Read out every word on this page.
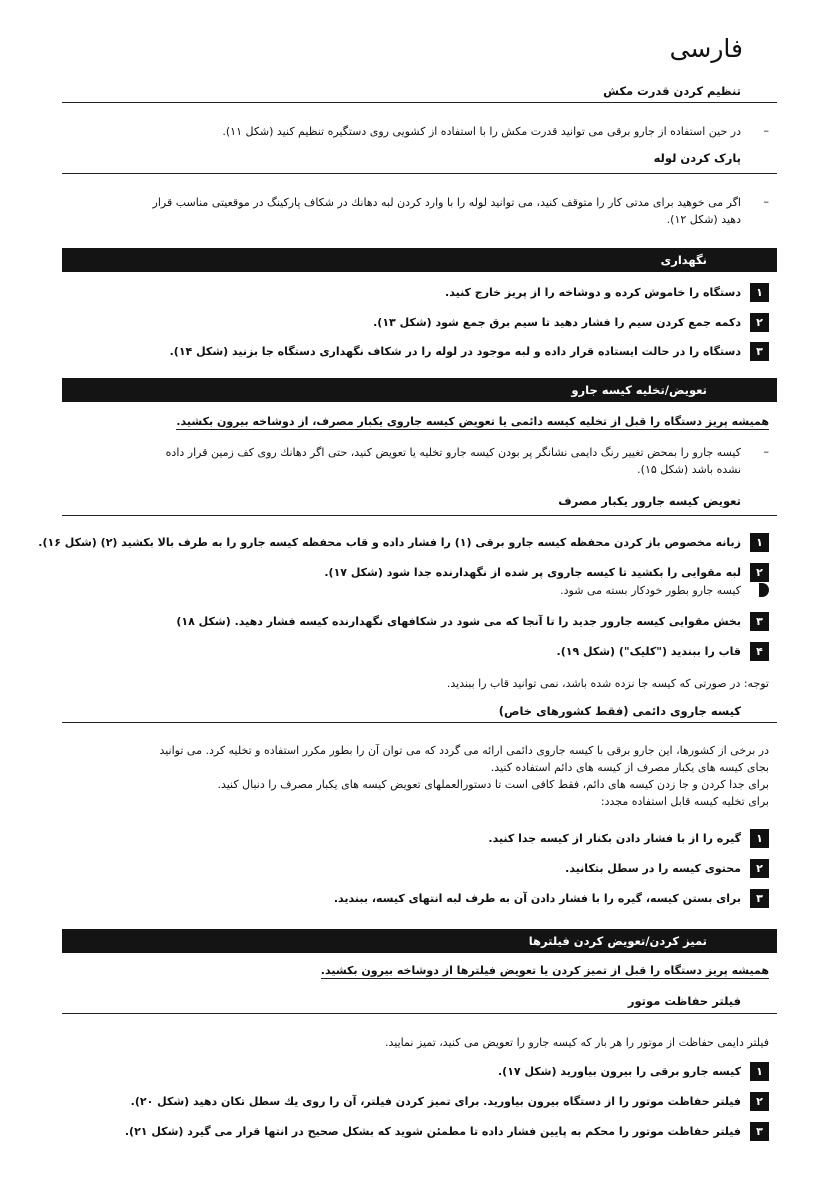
فارسی
تنظیم کردن قدرت مکش
–
در حین استفاده از جارو برقی می توانید قدرت مکش را با استفاده از کشویی روی دستگیره تنظیم کنید (شکل ۱۱).
پارک کردن لوله
–
اگر می خوهید برای مدتی کار را متوقف کنید، می توانید لوله را با وارد کردن لبه دهانك در شکاف پارکینگ در موقعیتی مناسب قرار
دهید (شکل ۱۲).
نگهداری
۱
دستگاه را خاموش کرده و دوشاخه را از پریز خارج کنید.
۲
دکمه جمع کردن سیم را فشار دهید تا سیم برق جمع شود (شکل ۱۳).
۳
دستگاه را در حالت ایستاده قرار داده و لبه موجود در لوله را در شکاف نگهداری دستگاه جا بزنید (شکل ۱۴).
تعویض/تخلیه کیسه جارو
همیشه پریز دستگاه را قبل از تخلیه کیسه دائمی یا تعویض کیسه جاروی یکبار مصرف، از دوشاخه بیرون بکشید.
–
کیسه جارو را بمحض تغییر رنگ دایمی نشانگر پر بودن کیسه جارو تخلیه یا تعویض کنید، حتی اگر دهانك روی کف زمین قرار داده
نشده باشد (شکل ۱۵).
تعویض کیسه جارور یکبار مصرف
۱
زبانه مخصوص باز کردن محفظه کیسه جارو برقی (۱) را فشار داده و قاب محفظه کیسه جارو را به طرف بالا بکشید (۲) (شکل ۱۶).
۲
لبه مقوایی را بکشید تا کیسه جاروی پر شده از نگهدارنده جدا شود (شکل ۱۷).
کیسه جارو بطور خودکار بسته می شود.
۳
بخش مقوایی کیسه جارور جدید را تا آنجا که می شود در شکافهای نگهدارنده کیسه فشار دهید. (شکل ۱۸)
۴
قاب را ببندید ("کلیک") (شکل ۱۹).
توجه: در صورتی که کیسه جا نزده شده باشد، نمی توانید قاب را ببندید.
کیسه جاروی دائمی (فقط کشورهای خاص)
در برخی از کشورها، این جارو برقی با کیسه جاروی دائمی ارائه می گردد که می توان آن را بطور مکرر استفاده و تخلیه کرد. می توانید
بجای کیسه های یکبار مصرف از کیسه های دائم استفاده کنید.
برای جدا کردن و جا زدن کیسه های دائم، فقط کافی است تا دستورالعملهای تعویض کیسه های یکبار مصرف را دنبال کنید.
برای تخلیه کیسه قابل استفاده مجدد:
۱
گیره را از با فشار دادن بکنار از کیسه جدا کنید.
۲
محتوی کیسه را در سطل بتکانید.
۳
برای بستن کیسه، گیره را با فشار دادن آن به طرف لبه انتهای کیسه، ببندید.
تمیز کردن/تعویض کردن فیلترها
همیشه پریز دستگاه را قبل از تمیز کردن یا تعویض فیلترها از دوشاخه بیرون بکشید.
فیلتر حفاظت موتور
فیلتر دایمی حفاظت از موتور را هر بار که کیسه جارو را تعویض می کنید، تمیز نمایید.
۱
کیسه جارو برقی را بیرون بیاورید (شکل ۱۷).
۲
فیلتر حفاظت موتور را از دستگاه بیرون بیاورید. برای تمیز کردن فیلتر، آن را روی یك سطل تکان دهید (شکل ۲۰).
۳
فیلتر حفاظت موتور را محکم به پایین فشار داده تا مطمئن شوید که بشکل صحیح در انتها قرار می گیرد (شکل ۲۱).
